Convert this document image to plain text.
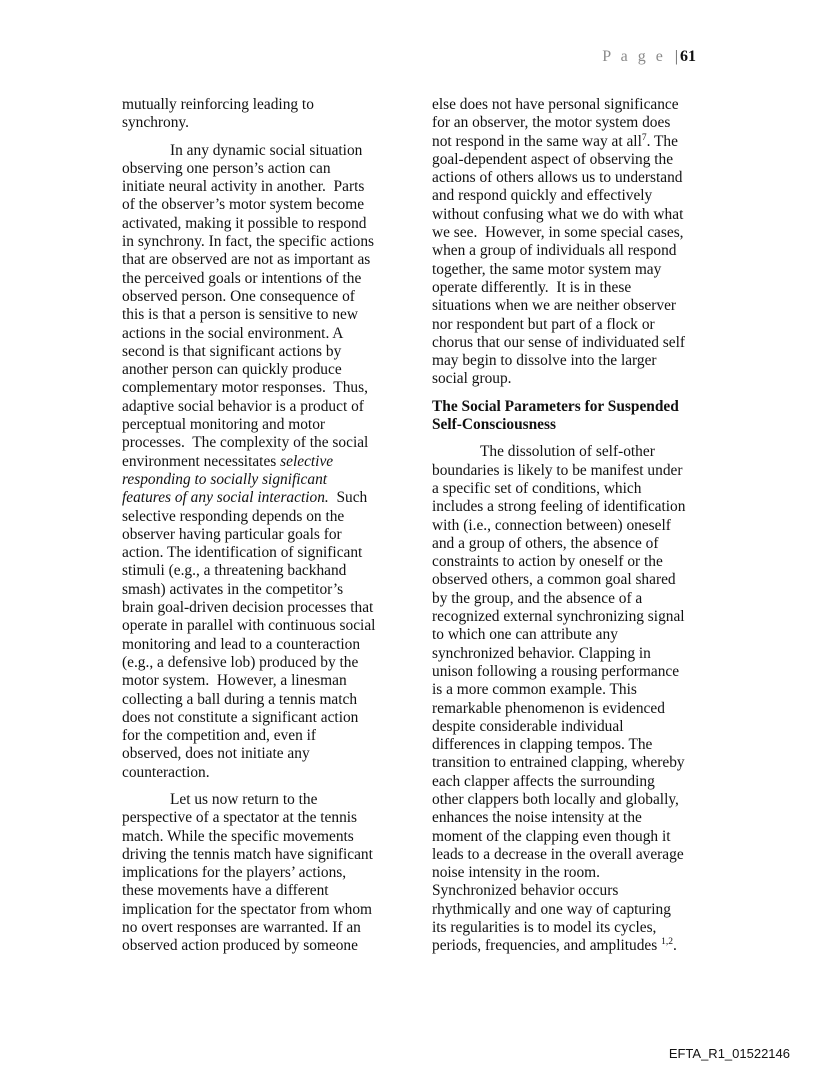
P a g e | 61
mutually reinforcing leading to
synchrony.
In any dynamic social situation
observing one person’s action can
initiate neural activity in another.  Parts
of the observer’s motor system become
activated, making it possible to respond
in synchrony. In fact, the specific actions
that are observed are not as important as
the perceived goals or intentions of the
observed person. One consequence of
this is that a person is sensitive to new
actions in the social environment. A
second is that significant actions by
another person can quickly produce
complementary motor responses.  Thus,
adaptive social behavior is a product of
perceptual monitoring and motor
processes.  The complexity of the social
environment necessitates selective
responding to socially significant
features of any social interaction.  Such
selective responding depends on the
observer having particular goals for
action. The identification of significant
stimuli (e.g., a threatening backhand
smash) activates in the competitor’s
brain goal-driven decision processes that
operate in parallel with continuous social
monitoring and lead to a counteraction
(e.g., a defensive lob) produced by the
motor system.  However, a linesman
collecting a ball during a tennis match
does not constitute a significant action
for the competition and, even if
observed, does not initiate any
counteraction.
Let us now return to the
perspective of a spectator at the tennis
match. While the specific movements
driving the tennis match have significant
implications for the players’ actions,
these movements have a different
implication for the spectator from whom
no overt responses are warranted. If an
observed action produced by someone
else does not have personal significance
for an observer, the motor system does
not respond in the same way at all$^7$. The
goal-dependent aspect of observing the
actions of others allows us to understand
and respond quickly and effectively
without confusing what we do with what
we see.  However, in some special cases,
when a group of individuals all respond
together, the same motor system may
operate differently.  It is in these
situations when we are neither observer
nor respondent but part of a flock or
chorus that our sense of individuated self
may begin to dissolve into the larger
social group.
The Social Parameters for Suspended
Self-Consciousness
The dissolution of self-other
boundaries is likely to be manifest under
a specific set of conditions, which
includes a strong feeling of identification
with (i.e., connection between) oneself
and a group of others, the absence of
constraints to action by oneself or the
observed others, a common goal shared
by the group, and the absence of a
recognized external synchronizing signal
to which one can attribute any
synchronized behavior. Clapping in
unison following a rousing performance
is a more common example. This
remarkable phenomenon is evidenced
despite considerable individual
differences in clapping tempos. The
transition to entrained clapping, whereby
each clapper affects the surrounding
other clappers both locally and globally,
enhances the noise intensity at the
moment of the clapping even though it
leads to a decrease in the overall average
noise intensity in the room.
Synchronized behavior occurs
rhythmically and one way of capturing
its regularities is to model its cycles,
periods, frequencies, and amplitudes $^{1,2}$.
EFTA_R1_01522146
